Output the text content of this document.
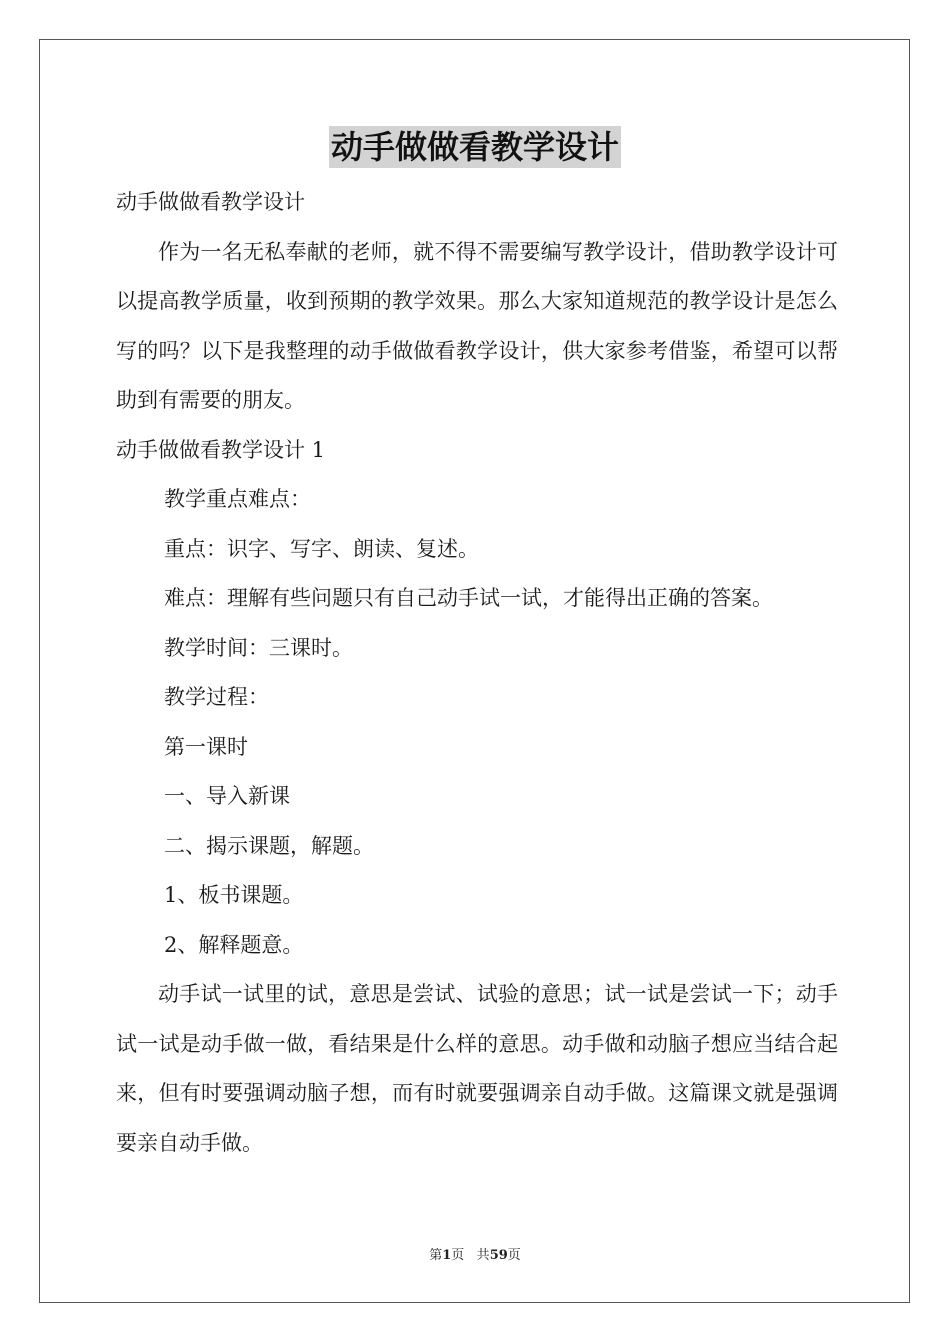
动手做做看教学设计

动手做做看教学设计

作为一名无私奉献的老师，就不得不需要编写教学设计，借助教学设计可以提高教学质量，收到预期的教学效果。那么大家知道规范的教学设计是怎么写的吗？以下是我整理的动手做做看教学设计，供大家参考借鉴，希望可以帮助到有需要的朋友。

动手做做看教学设计 1

教学重点难点：

重点：识字、写字、朗读、复述。

难点：理解有些问题只有自己动手试一试，才能得出正确的答案。

教学时间：三课时。

教学过程：

第一课时

一、导入新课

二、揭示课题，解题。

1、板书课题。

2、解释题意。

动手试一试里的试，意思是尝试、试验的意思；试一试是尝试一下；动手试一试是动手做一做，看结果是什么样的意思。动手做和动脑子想应当结合起来，但有时要强调动脑子想，而有时就要强调亲自动手做。这篇课文就是强调要亲自动手做。

第1页 共59页
